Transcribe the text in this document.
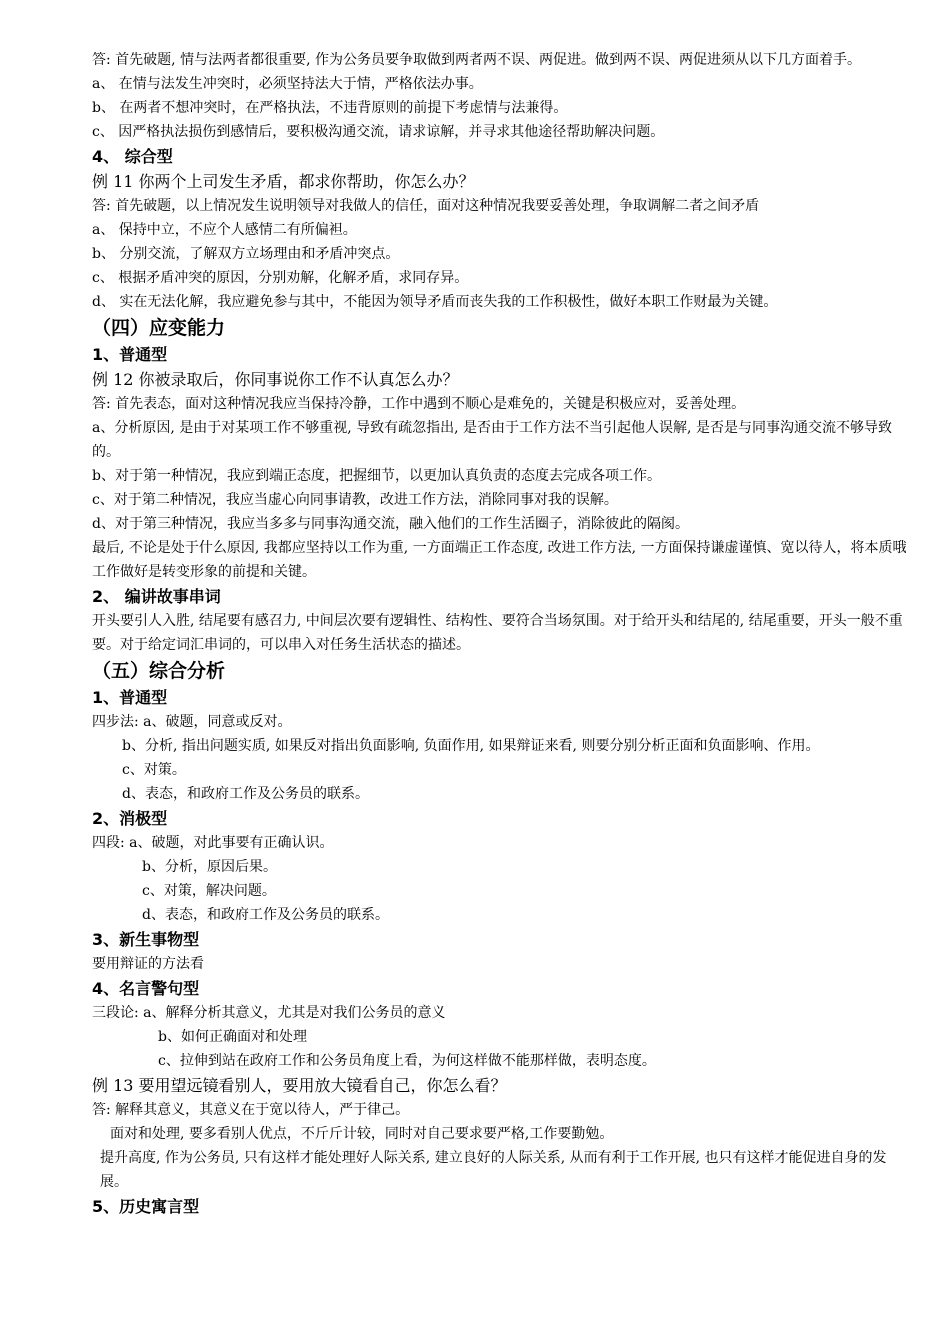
答: 首先破题, 情与法两者都很重要, 作为公务员要争取做到两者两不误、两促进。做到两不误、两促进须从以下几方面着手。

a、 在情与法发生冲突时，必须坚持法大于情，严格依法办事。

b、 在两者不想冲突时，在严格执法，不违背原则的前提下考虑情与法兼得。

c、 因严格执法损伤到感情后，要积极沟通交流，请求谅解，并寻求其他途径帮助解决问题。

4、 综合型

例 11 你两个上司发生矛盾，都求你帮助，你怎么办？

答: 首先破题，以上情况发生说明领导对我做人的信任，面对这种情况我要妥善处理，争取调解二者之间矛盾

a、 保持中立，不应个人感情二有所偏袒。

b、 分别交流，了解双方立场理由和矛盾冲突点。

c、 根据矛盾冲突的原因，分别劝解，化解矛盾，求同存异。

d、 实在无法化解，我应避免参与其中，不能因为领导矛盾而丧失我的工作积极性，做好本职工作财最为关键。

（四）应变能力

1、普通型

例 12 你被录取后，你同事说你工作不认真怎么办？

答: 首先表态，面对这种情况我应当保持冷静，工作中遇到不顺心是难免的，关键是积极应对，妥善处理。

a、分析原因, 是由于对某项工作不够重视, 导致有疏忽指出, 是否由于工作方法不当引起他人误解, 是否是与同事沟通交流不够导致的。

b、对于第一种情况，我应到端正态度，把握细节，以更加认真负责的态度去完成各项工作。

c、对于第二种情况，我应当虚心向同事请教，改进工作方法，消除同事对我的误解。

d、对于第三种情况，我应当多多与同事沟通交流，融入他们的工作生活圈子，消除彼此的隔阂。

最后, 不论是处于什么原因, 我都应坚持以工作为重, 一方面端正工作态度, 改进工作方法, 一方面保持谦虚谨慎、宽以待人，将本质哦工作做好是转变形象的前提和关键。

2、 编讲故事串词

开头要引人入胜, 结尾要有感召力, 中间层次要有逻辑性、结构性、要符合当场氛围。对于给开头和结尾的, 结尾重要，开头一般不重要。对于给定词汇串词的，可以串入对任务生活状态的描述。

（五）综合分析

1、普通型

四步法: a、破题，同意或反对。

b、分析, 指出问题实质, 如果反对指出负面影响, 负面作用, 如果辩证来看, 则要分别分析正面和负面影响、作用。

c、对策。

d、表态，和政府工作及公务员的联系。

2、消极型

四段: a、破题，对此事要有正确认识。

b、分析，原因后果。

c、对策，解决问题。

d、表态，和政府工作及公务员的联系。

3、新生事物型

要用辩证的方法看

4、名言警句型

三段论: a、解释分析其意义，尤其是对我们公务员的意义

b、如何正确面对和处理

c、拉伸到站在政府工作和公务员角度上看，为何这样做不能那样做，表明态度。

例 13 要用望远镜看别人，要用放大镜看自己，你怎么看？

答: 解释其意义，其意义在于宽以待人，严于律己。

面对和处理, 要多看别人优点，不斤斤计较，同时对自己要求要严格,工作要勤勉。

提升高度, 作为公务员, 只有这样才能处理好人际关系, 建立良好的人际关系, 从而有利于工作开展, 也只有这样才能促进自身的发展。

5、历史寓言型
